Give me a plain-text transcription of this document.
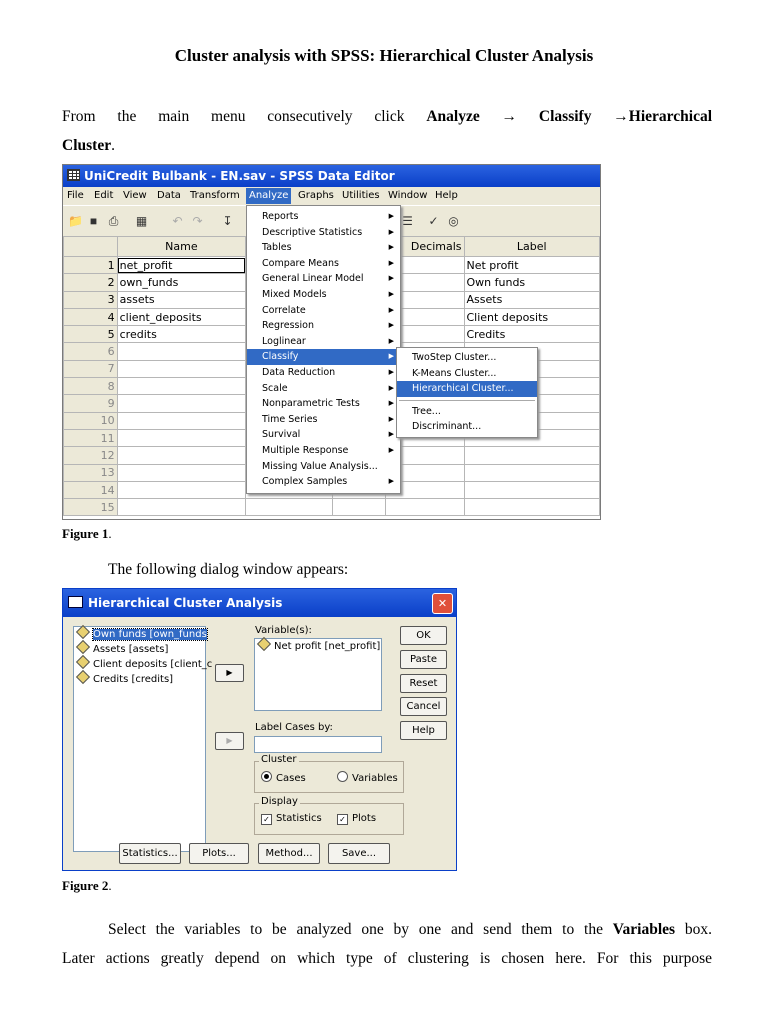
Cluster analysis with SPSS: Hierarchical Cluster Analysis
From the main menu consecutively click Analyze → Classify →Hierarchical
Cluster.
UniCredit Bulbank - EN.sav - SPSS Data Editor
File	Edit View	Data Transform Analyze Graphs Utilities Window Help
📁 ■ ⎙	▦ ↶ ↷ ↧	☰ ✓ ◎
	Name			Decimals	Label
1	net_profit				Net profit
2	own_funds				Own funds
3	assets				Assets
4	client_deposits				Client deposits
5	credits				Credits
6					
7					
8					
9					
10					
11					
12					
13					
14					
15					
Reports	▶
Descriptive Statistics	▶
Tables	▶
Compare Means	▶
General Linear Model	▶
Mixed Models	▶
Correlate	▶
Regression	▶
Loglinear	▶
Classify	▶
Data Reduction	▶
Scale	▶
Nonparametric Tests	▶
Time Series	▶
Survival	▶
Multiple Response	▶
Missing Value Analysis...
Complex Samples	▶
TwoStep Cluster...
K-Means Cluster...
Hierarchical Cluster...
Tree...
Discriminant...
Figure 1.
The following dialog window appears:
Hierarchical Cluster Analysis	✕
Own funds [own_funds
Assets [assets]
Client deposits [client_c
Credits [credits]
▶
▶
Variable(s):
Net profit [net_profit]
Label Cases by:
Cluster
Cases	Variables
Display
✓ Statistics ✓ Plots
OK
Paste
Reset
Cancel
Help
Statistics...	Plots...	Method...	Save...
Figure 2.
Select the variables to be analyzed one by one and send them to the Variables box.
Later actions greatly depend on which type of clustering is chosen here. For this purpose
